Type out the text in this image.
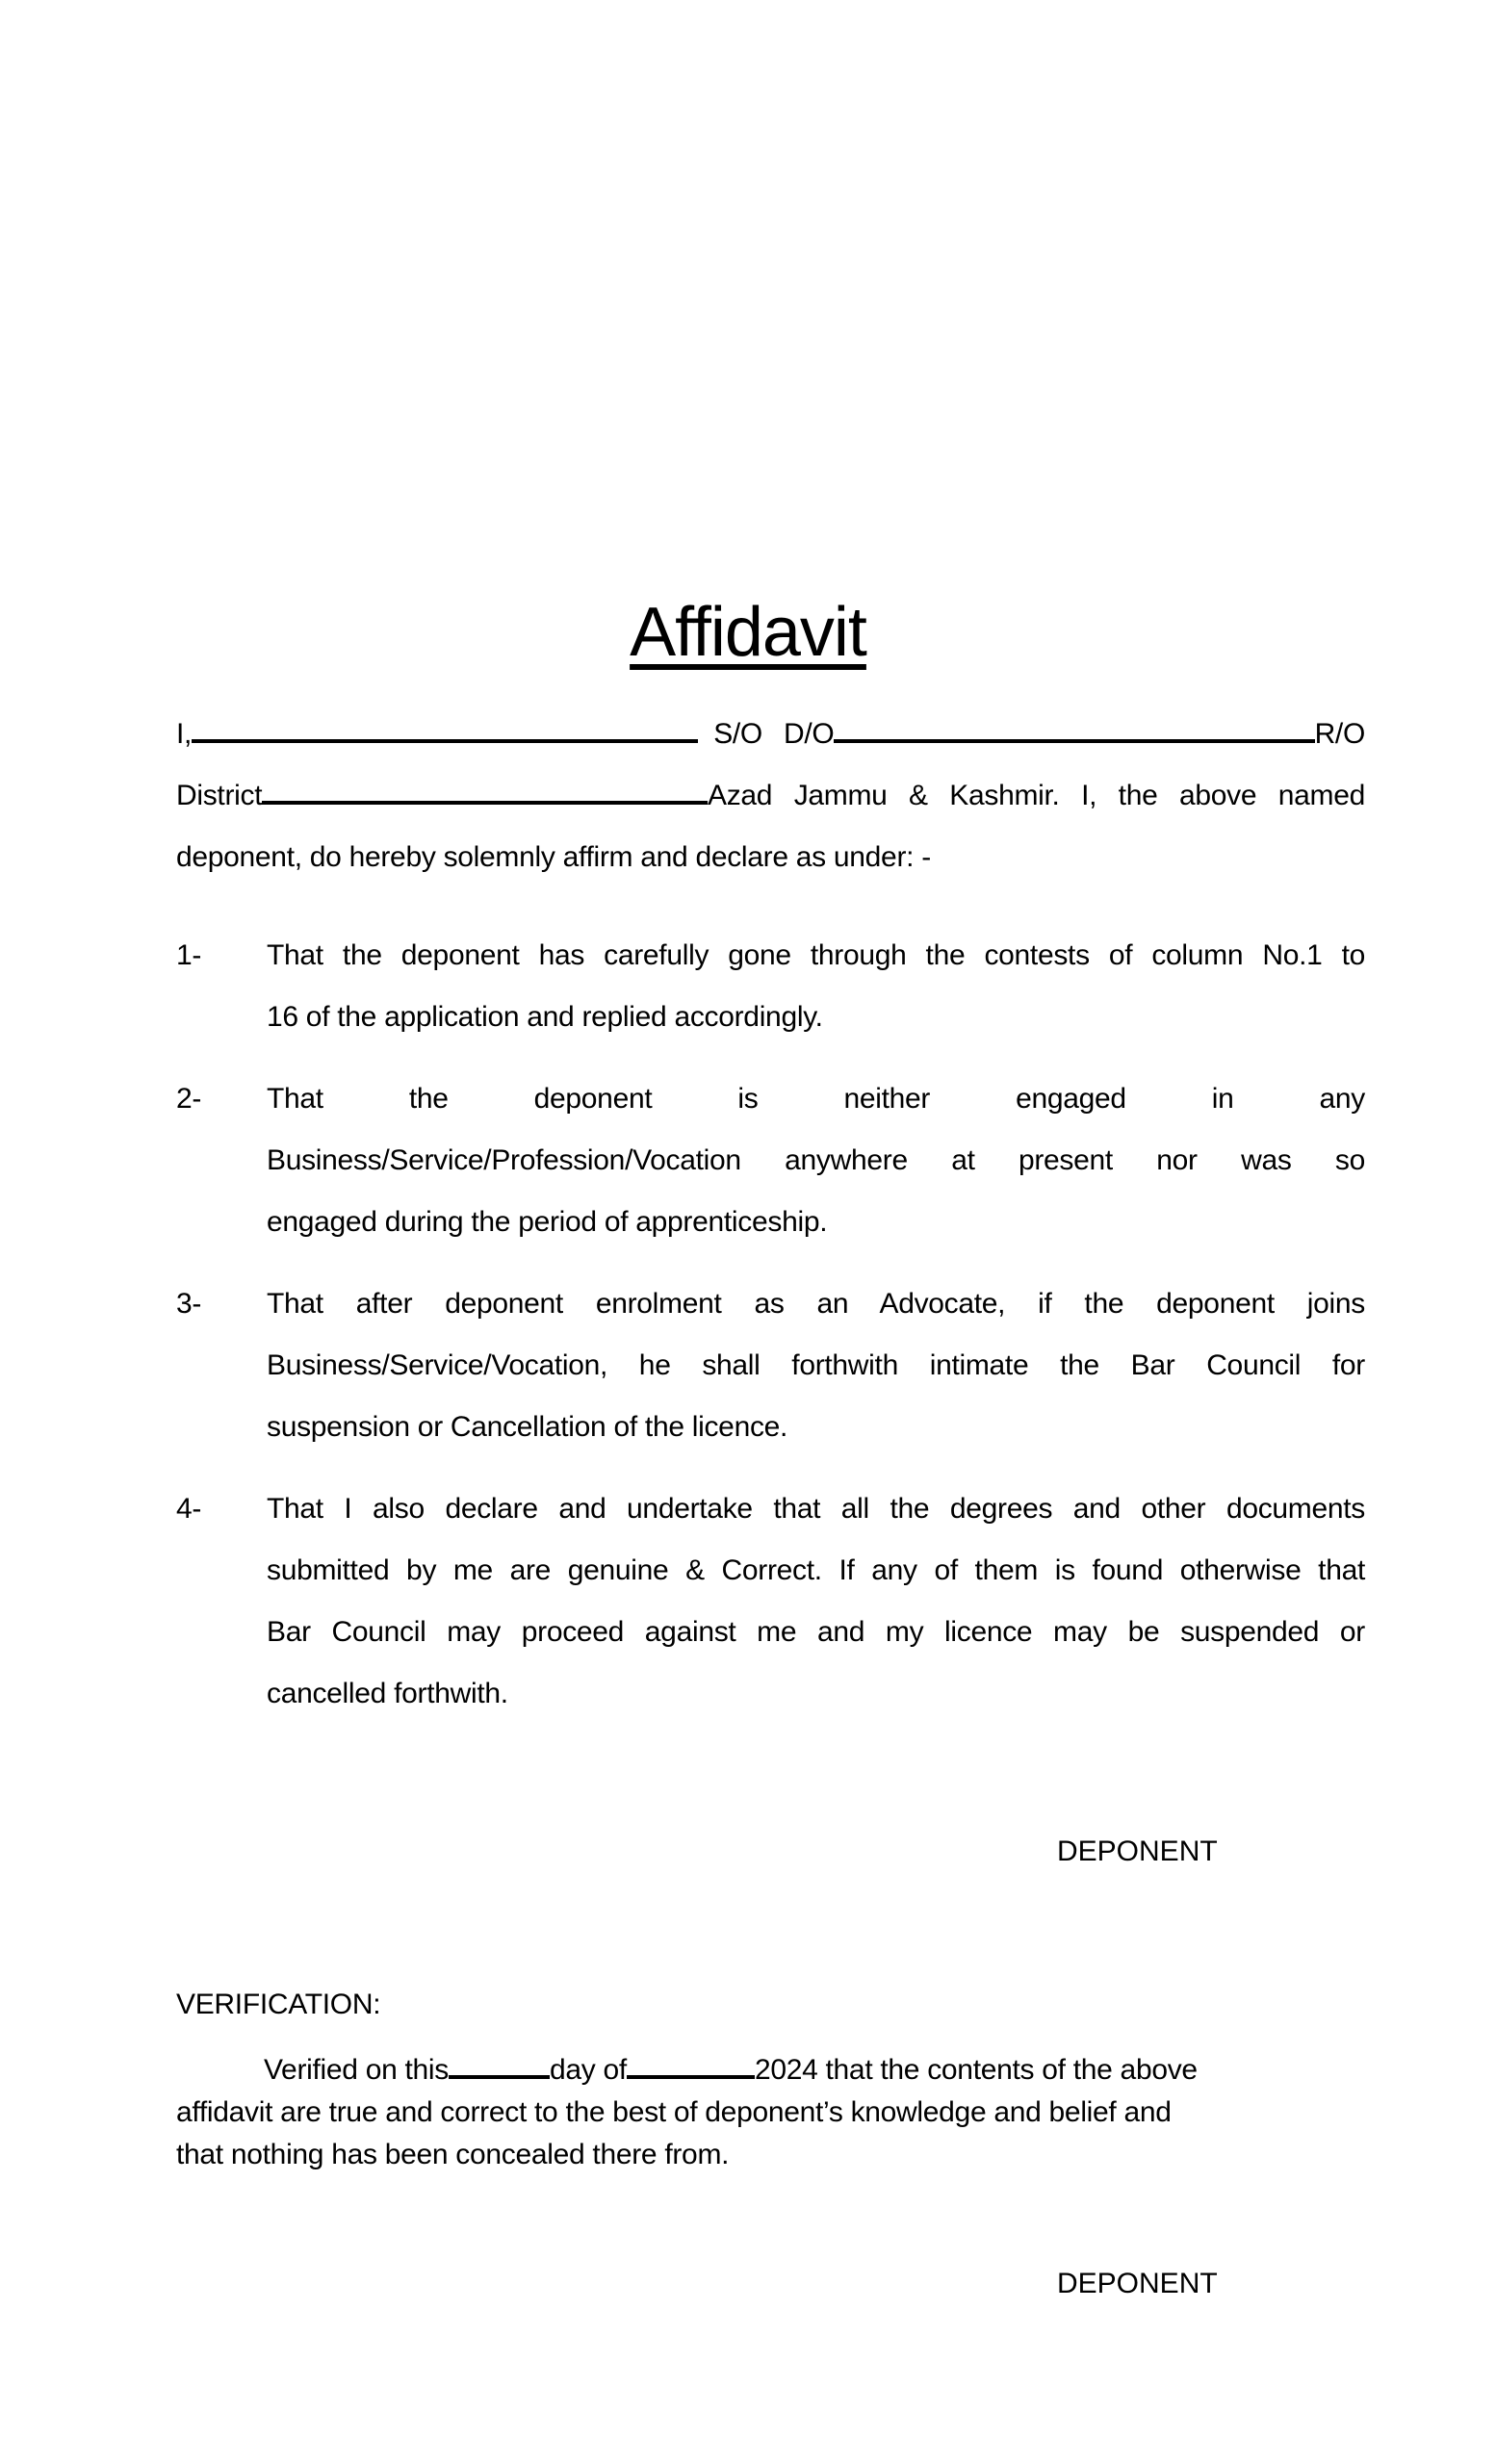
Affidavit
I,	S/O D/O	R/O
District	Azad Jammu & Kashmir. I, the above named
deponent, do hereby solemnly affirm and declare as under: -
1- That the deponent has carefully gone through the contests of column No.1 to
16 of the application and replied accordingly.
2- That the deponent is neither engaged in any
Business/Service/Profession/Vocation anywhere at present nor was so
engaged during the period of apprenticeship.
3- That after deponent enrolment as an Advocate, if the deponent joins
Business/Service/Vocation, he shall forthwith intimate the Bar Council for
suspension or Cancellation of the licence.
4- That I also declare and undertake that all the degrees and other documents
submitted by me are genuine & Correct. If any of them is found otherwise that
Bar Council may proceed against me and my licence may be suspended or
cancelled forthwith.
DEPONENT
VERIFICATION:
Verified on this	day of	2024 that the contents of the above
affidavit are true and correct to the best of deponent’s knowledge and belief and
that nothing has been concealed there from.
DEPONENT
